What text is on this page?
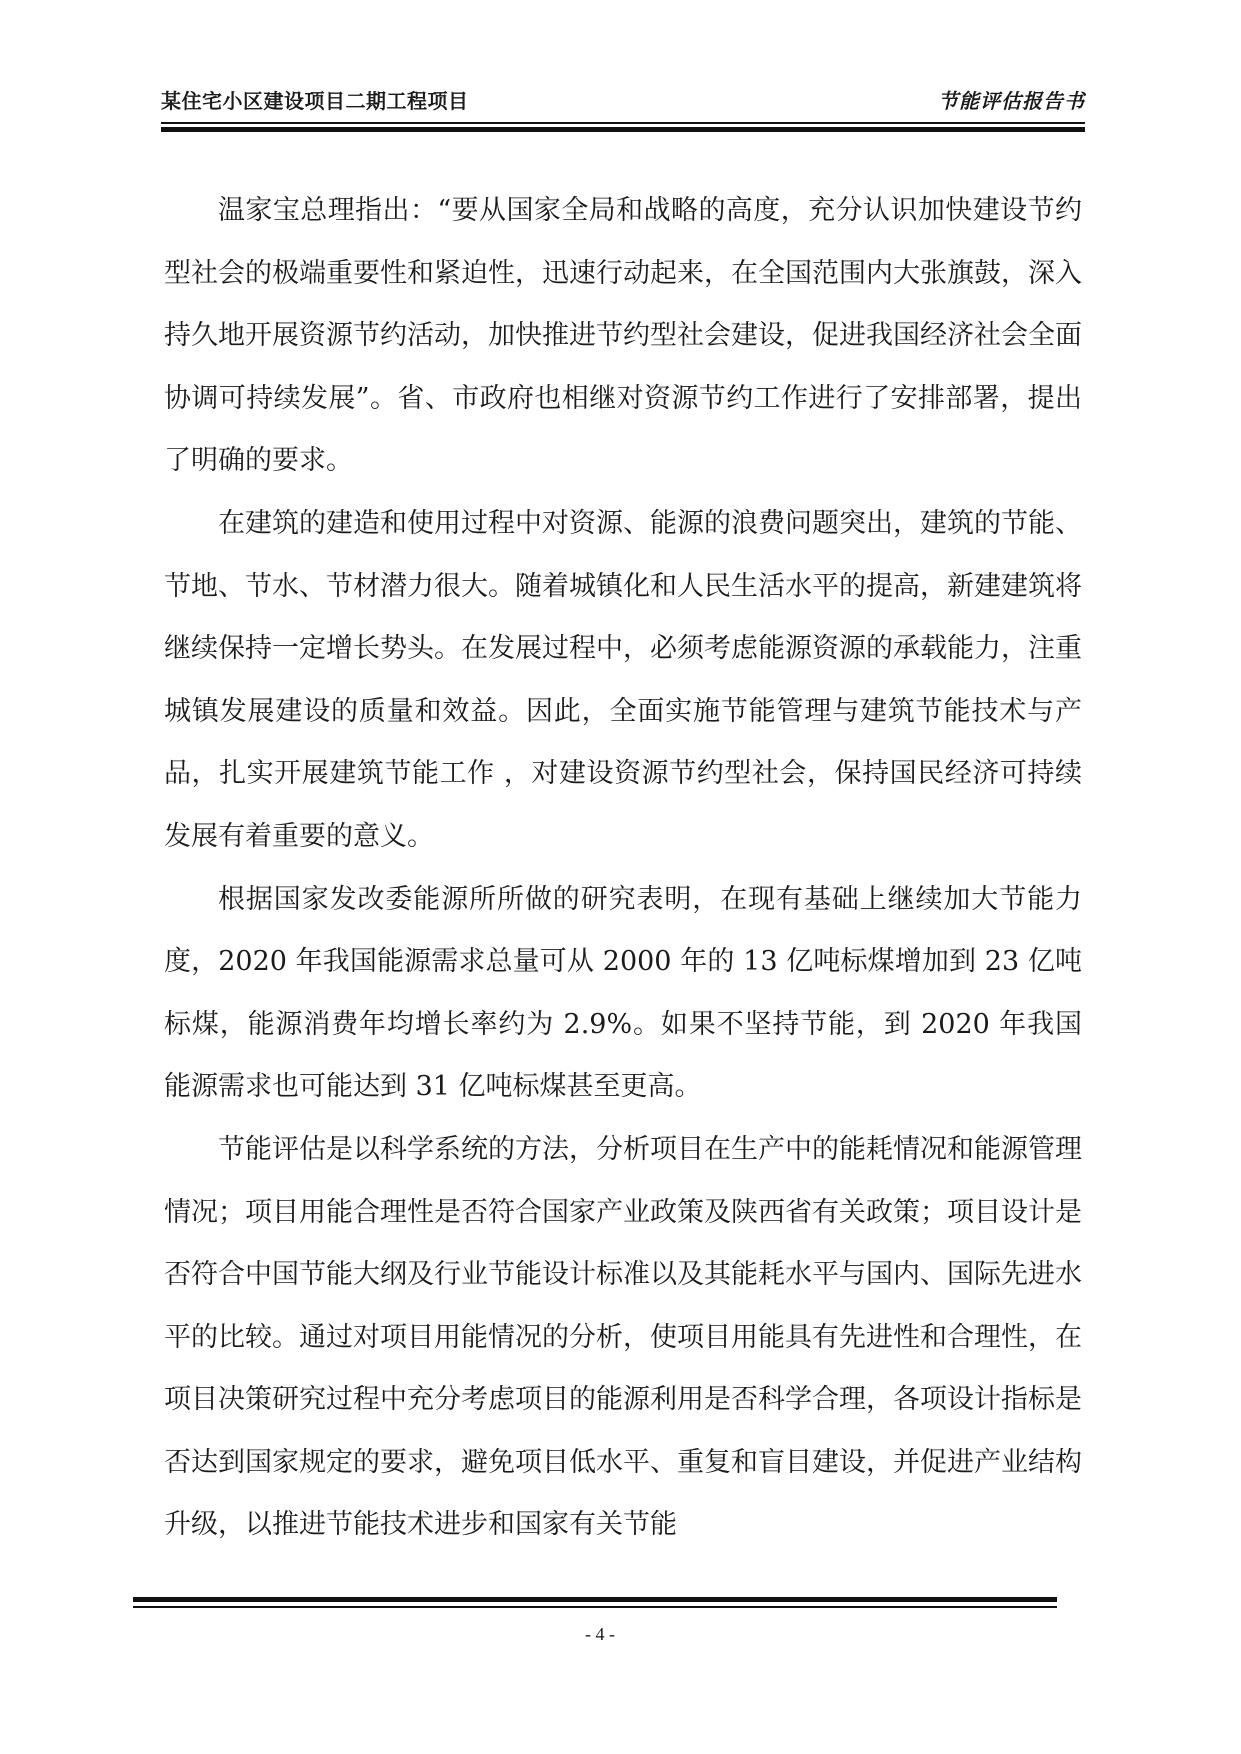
某住宅小区建设项目二期工程项目	节能评估报告书

温家宝总理指出：“要从国家全局和战略的高度，充分认识加快建设节约型社会的极端重要性和紧迫性，迅速行动起来，在全国范围内大张旗鼓，深入持久地开展资源节约活动，加快推进节约型社会建设，促进我国经济社会全面协调可持续发展”。省、市政府也相继对资源节约工作进行了安排部署，提出了明确的要求。

在建筑的建造和使用过程中对资源、能源的浪费问题突出，建筑的节能、节地、节水、节材潜力很大。随着城镇化和人民生活水平的提高，新建建筑将继续保持一定增长势头。在发展过程中，必须考虑能源资源的承载能力，注重城镇发展建设的质量和效益。因此，全面实施节能管理与建筑节能技术与产品，扎实开展建筑节能工作 ，对建设资源节约型社会，保持国民经济可持续发展有着重要的意义。

根据国家发改委能源所所做的研究表明，在现有基础上继续加大节能力度，2020 年我国能源需求总量可从 2000 年的 13 亿吨标煤增加到 23 亿吨标煤，能源消费年均增长率约为 2.9%。如果不坚持节能，到 2020 年我国能源需求也可能达到 31 亿吨标煤甚至更高。

节能评估是以科学系统的方法，分析项目在生产中的能耗情况和能源管理情况；项目用能合理性是否符合国家产业政策及陕西省有关政策；项目设计是否符合中国节能大纲及行业节能设计标准以及其能耗水平与国内、国际先进水平的比较。通过对项目用能情况的分析，使项目用能具有先进性和合理性，在项目决策研究过程中充分考虑项目的能源利用是否科学合理，各项设计指标是否达到国家规定的要求，避免项目低水平、重复和盲目建设，并促进产业结构升级，以推进节能技术进步和国家有关节能

- 4 -
